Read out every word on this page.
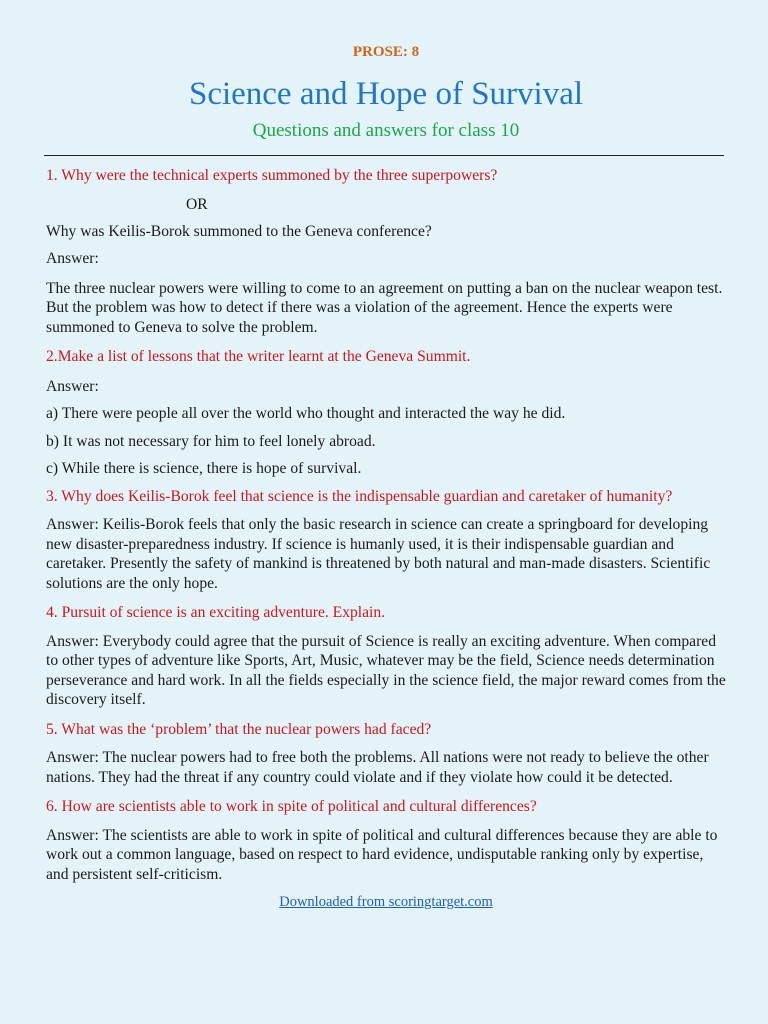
PROSE: 8
Science and Hope of Survival
Questions and answers for class 10
1. Why were the technical experts summoned by the three superpowers?
OR
Why was Keilis-Borok summoned to the Geneva conference?
Answer:
The three nuclear powers were willing to come to an agreement on putting a ban on the nuclear weapon test. But the problem was how to detect if there was a violation of the agreement. Hence the experts were summoned to Geneva to solve the problem.
2.Make a list of lessons that the writer learnt at the Geneva Summit.
Answer:
a) There were people all over the world who thought and interacted the way he did.
b) It was not necessary for him to feel lonely abroad.
c) While there is science, there is hope of survival.
3. Why does Keilis-Borok feel that science is the indispensable guardian and caretaker of humanity?
Answer: Keilis-Borok feels that only the basic research in science can create a springboard for developing new disaster-preparedness industry. If science is humanly used, it is their indispensable guardian and caretaker. Presently the safety of mankind is threatened by both natural and man-made disasters. Scientific solutions are the only hope.
4. Pursuit of science is an exciting adventure. Explain.
Answer: Everybody could agree that the pursuit of Science is really an exciting adventure. When compared to other types of adventure like Sports, Art, Music, whatever may be the field, Science needs determination perseverance and hard work. In all the fields especially in the science field, the major reward comes from the discovery itself.
5. What was the ‘problem’ that the nuclear powers had faced?
Answer: The nuclear powers had to free both the problems. All nations were not ready to believe the other nations. They had the threat if any country could violate and if they violate how could it be detected.
6. How are scientists able to work in spite of political and cultural differences?
Answer: The scientists are able to work in spite of political and cultural differences because they are able to work out a common language, based on respect to hard evidence, undisputable ranking only by expertise, and persistent self-criticism.
Downloaded from scoringtarget.com
